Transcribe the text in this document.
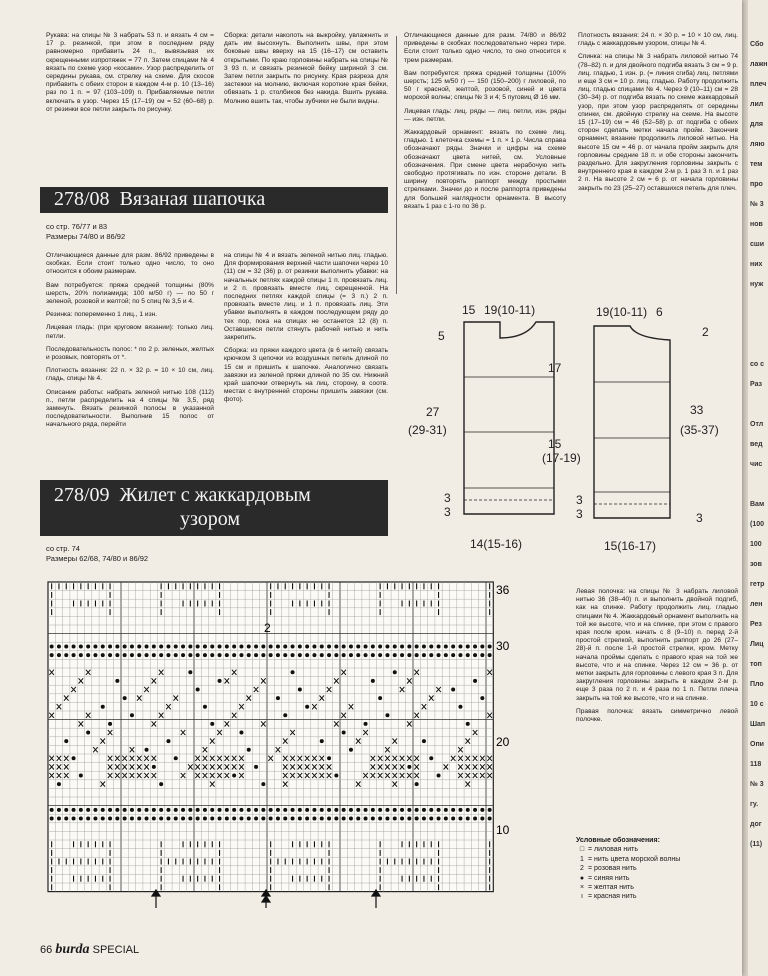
Рукава: на спицы № 3 набрать 53 п. и вязать 4 см = 17 р. резинкой, при этом в последнем ряду равномерно прибавить 24 п., вывязывая их скрещенными изпротяжек = 77 п. Затем спицами № 4 вязать по схеме узор «косами». Узор распределить от середины рукава, см. стрелку на схеме. Для скосов прибавить с обеих сторон в каждом 4-м р. 10 (13–16) раз по 1 п. = 97 (103–109) п. Прибавляемые петли включать в узор. Через 15 (17–19) см = 52 (60–68) р. от резинки все петли закрыть по рисунку.

Сборка: детали наколоть на выкройку, увлажнить и дать им высохнуть. Выполнить швы, при этом боковые швы вверху на 15 (16–17) см оставить открытыми. По краю горловины набрать на спицы № 3 93 п. и связать резинкой бейку шириной 3 см. Затем петли закрыть по рисунку. Края разреза для застежки на молнию, включая короткие края бейки, обвязать 1 р. столбиков без накида. Вшить рукава. Молнию вшить так, чтобы зубчики не были видны.

Отличающиеся данные для разм. 74/80 и 86/92 приведены в скобках последовательно через тире. Если стоит только одно число, то оно относится к трем размерам.

Вам потребуется: пряжа средней толщины (100% шерсть; 125 м/50 г) — 150 (150–200) г лиловой, по 50 г красной, желтой, розовой, синей и цвета морской волны; спицы № 3 и 4; 5 пуговиц Ø 16 мм.

Лицевая гладь: лиц. ряды — лиц. петли, изн. ряды — изн. петли.

Жаккардовый орнамент: вязать по схеме лиц. гладью. 1 клеточка схемы = 1 п. × 1 р. Числа справа обозначают ряды. Значки и цифры на схеме обозначают цвета нитей, см. Условные обозначения. При смене цвета нерабочую нить свободно протягивать по изн. стороне детали. В ширину повторять раппорт между простыми стрелками. Значки до и после раппорта приведены для большей наглядности орнамента. В высоту вязать 1 раз с 1-го по 36 р.

Плотность вязания: 24 п. × 30 р. = 10 × 10 см, лиц. гладь с жаккардовым узором, спицы № 4.

Спинка: на спицы № 3 набрать лиловой нитью 74 (78–82) п. и для двойного подгиба вязать 3 см = 9 р. лиц. гладью, 1 изн. р. (= линия сгиба) лиц. петлями и еще 3 см = 10 р. лиц. гладью. Работу продолжить лиц. гладью спицами № 4. Через 9 (10–11) см = 28 (30–34) р. от подгиба вязать по схеме жаккардовый узор, при этом узор распределять от середины спинки, см. двойную стрелку на схеме. На высоте 15 (17–19) см = 46 (52–58) р. от подгиба с обеих сторон сделать метки начала пройм. Закончив орнамент, вязание продолжить лиловой нитью. На высоте 15 см = 46 р. от начала пройм закрыть для горловины средние 18 п. и обе стороны закончить раздельно. Для закругления горловины закрыть с внутреннего края в каждом 2-м р. 1 раз 3 п. и 1 раз 2 п. На высоте 2 см = 6 р. от начала горловины закрыть по 23 (25–27) оставшихся петель для плеч.

278/08 Вязаная шапочка
со стр. 76/77 и 83
Размеры 74/80 и 86/92

Отличающиеся данные для разм. 86/92 приведены в скобках. Если стоит только одно число, то оно относится к обоим размерам.

Вам потребуется: пряжа средней толщины (80% шерсть, 20% полиамида; 100 м/50 г) — по 50 г зеленой, розовой и желтой; по 5 спиц № 3,5 и 4.

Резинка: попеременно 1 лиц., 1 изн.

Лицевая гладь: (при круговом вязании): только лиц. петли.

Последовательность полос: * по 2 р. зеленых, желтых и розовых, повторять от *.

Плотность вязания: 22 п. × 32 р. = 10 × 10 см, лиц. гладь, спицы № 4.

Описание работы: набрать зеленой нитью 108 (112) п., петли распределить на 4 спицы № 3,5, ряд замкнуть. Вязать резинкой полосы в указанной последовательности. Выполнив 15 полос от начального ряда, перейти

на спицы № 4 и вязать зеленой нитью лиц. гладью. Для формирования верхней части шапочки через 10 (11) см = 32 (36) р. от резинки выполнить убавки: на начальных петлях каждой спицы 1 п. провязать лиц. и 2 п. провязать вместе лиц. скрещенной. На последних петлях каждой спицы (= 3 п.) 2 п. провязать вместе лиц. и 1 п. провязать лиц. Эти убавки выполнять в каждом последующем ряду до тех пор, пока на спицах не останется 12 (8) п. Оставшиеся петли стянуть рабочей нитью и нить закрепить.

Сборка: из пряжи каждого цвета (в 6 нитей) связать крючком 3 цепочки из воздушных петель длиной по 15 см и пришить к шапочке. Аналогично связать завязки из зеленой пряжи длиной по 35 см. Нижний край шапочки отвернуть на лиц. сторону, в соотв. местах с внутренней стороны пришить завязки (см. фото).

278/09 Жилет с жаккардовым
узором
со стр. 74
Размеры 62/68, 74/80 и 86/92
15 19(10-11)
5
17
15
(17-19)
27
(29-31)
3
3
14(15-16)
19(10-11) 6
2
33
(35-37)
3
3	3
15(16-17)
2
36
30
20
10

Левая полочка: на спицы № 3 набрать лиловой нитью 36 (38–40) п. и выполнить двойной подгиб, как на спинке. Работу продолжить лиц. гладью спицами № 4. Жаккардовый орнамент выполнить на той же высоте, что и на спинке, при этом с правого края после кром. начать с 8 (9–10) п. перед 2-й простой стрелкой, выполнить раппорт до 26 (27–28)-й п. после 1-й простой стрелки, кром. Метку начала проймы сделать с правого края на той же высоте, что и на спинке. Через 12 см = 36 р. от метки закрыть для горловины с левого края 3 п. Для закругления горловины закрыть в каждом 2-м р. еще 3 раза по 2 п. и 4 раза по 1 п. Петли плеча закрыть на той же высоте, что и на спинке.

Правая полочка: вязать симметрично левой полочке.

Условные обозначения:
□ = лиловая нить
1 = нить цвета морской волны
2 = розовая нить
● = синяя нить
× = желтая нить
ı = красная нить
66 burda SPECIAL
Сбо
лажн
плеч
лил
для
ляю
тем
про
№ 3
нов
сши
них
нуж
со с
Раз
Отл
вед
чис
Вам
(100
100
зов
гетр
лен
Рез
Лиц
топ
Пло
10 с
Шап
Опи
118
№ 3
гу.
дог
(11)
